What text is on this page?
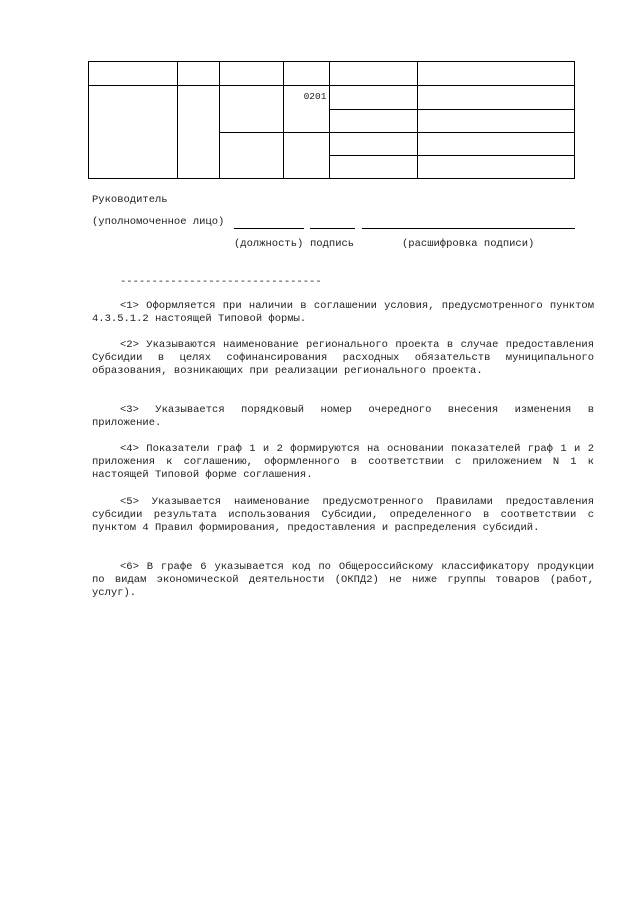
0201
Руководитель
(уполномоченное лицо)
(должность) подпись	(расшифровка подписи)
--------------------------------
<1> Оформляется при наличии в соглашении условия, предусмотренного пунктом 4.3.5.1.2 настоящей Типовой формы.
<2> Указываются наименование регионального проекта в случае предоставления Субсидии в целях софинансирования расходных обязательств муниципального образования, возникающих при реализации регионального проекта.
<3> Указывается порядковый номер очередного внесения изменения в приложение.
<4> Показатели граф 1 и 2 формируются на основании показателей граф 1 и 2 приложения к соглашению, оформленного в соответствии с приложением N 1 к настоящей Типовой форме соглашения.
<5> Указывается наименование предусмотренного Правилами предоставления субсидии результата использования Субсидии, определенного в соответствии с пунктом 4 Правил формирования, предоставления и распределения субсидий.
<6> В графе 6 указывается код по Общероссийскому классификатору продукции по видам экономической деятельности (ОКПД2) не ниже группы товаров (работ, услуг).
